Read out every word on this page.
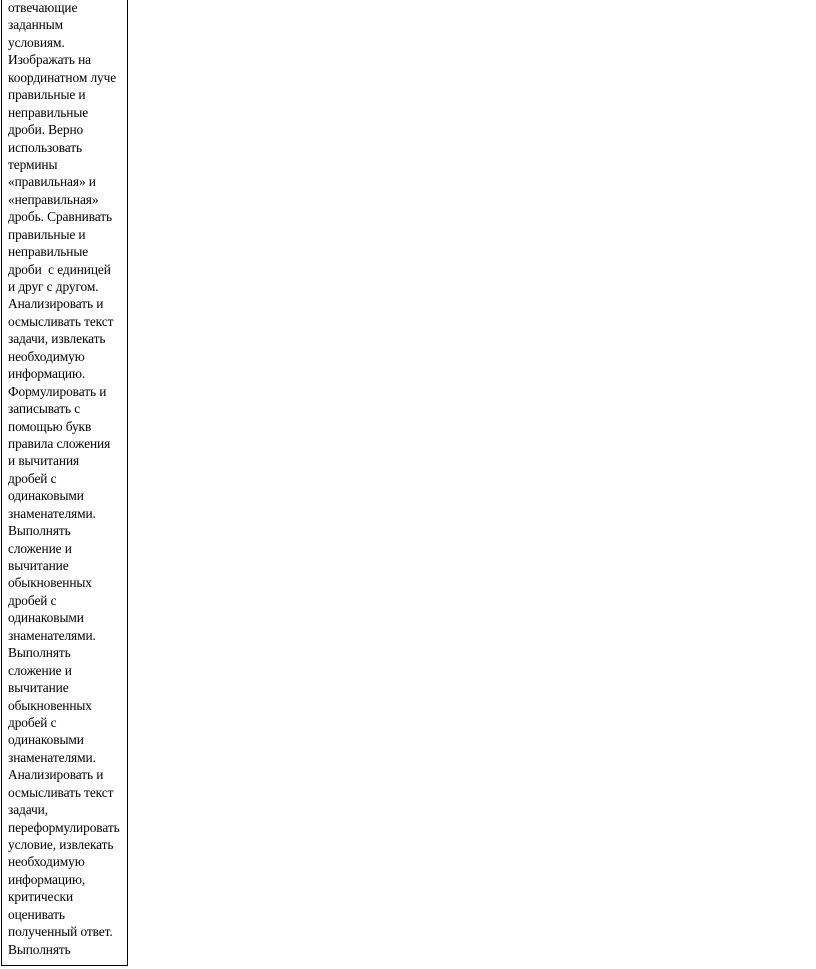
отвечающие
заданным
условиям.
Изображать на
координатном луче
правильные и
неправильные
дроби. Верно
использовать
термины
«правильная» и
«неправильная»
дробь. Сравнивать
правильные и
неправильные
дроби  с единицей
и друг с другом.
Анализировать и
осмысливать текст
задачи, извлекать
необходимую
информацию.
Формулировать и
записывать с
помощью букв
правила сложения
и вычитания
дробей с
одинаковыми
знаменателями.
Выполнять
сложение и
вычитание
обыкновенных
дробей с
одинаковыми
знаменателями.
Выполнять
сложение и
вычитание
обыкновенных
дробей с
одинаковыми
знаменателями.
Анализировать и
осмысливать текст
задачи,
переформулировать
условие, извлекать
необходимую
информацию,
критически
оценивать
полученный ответ.
Выполнять
